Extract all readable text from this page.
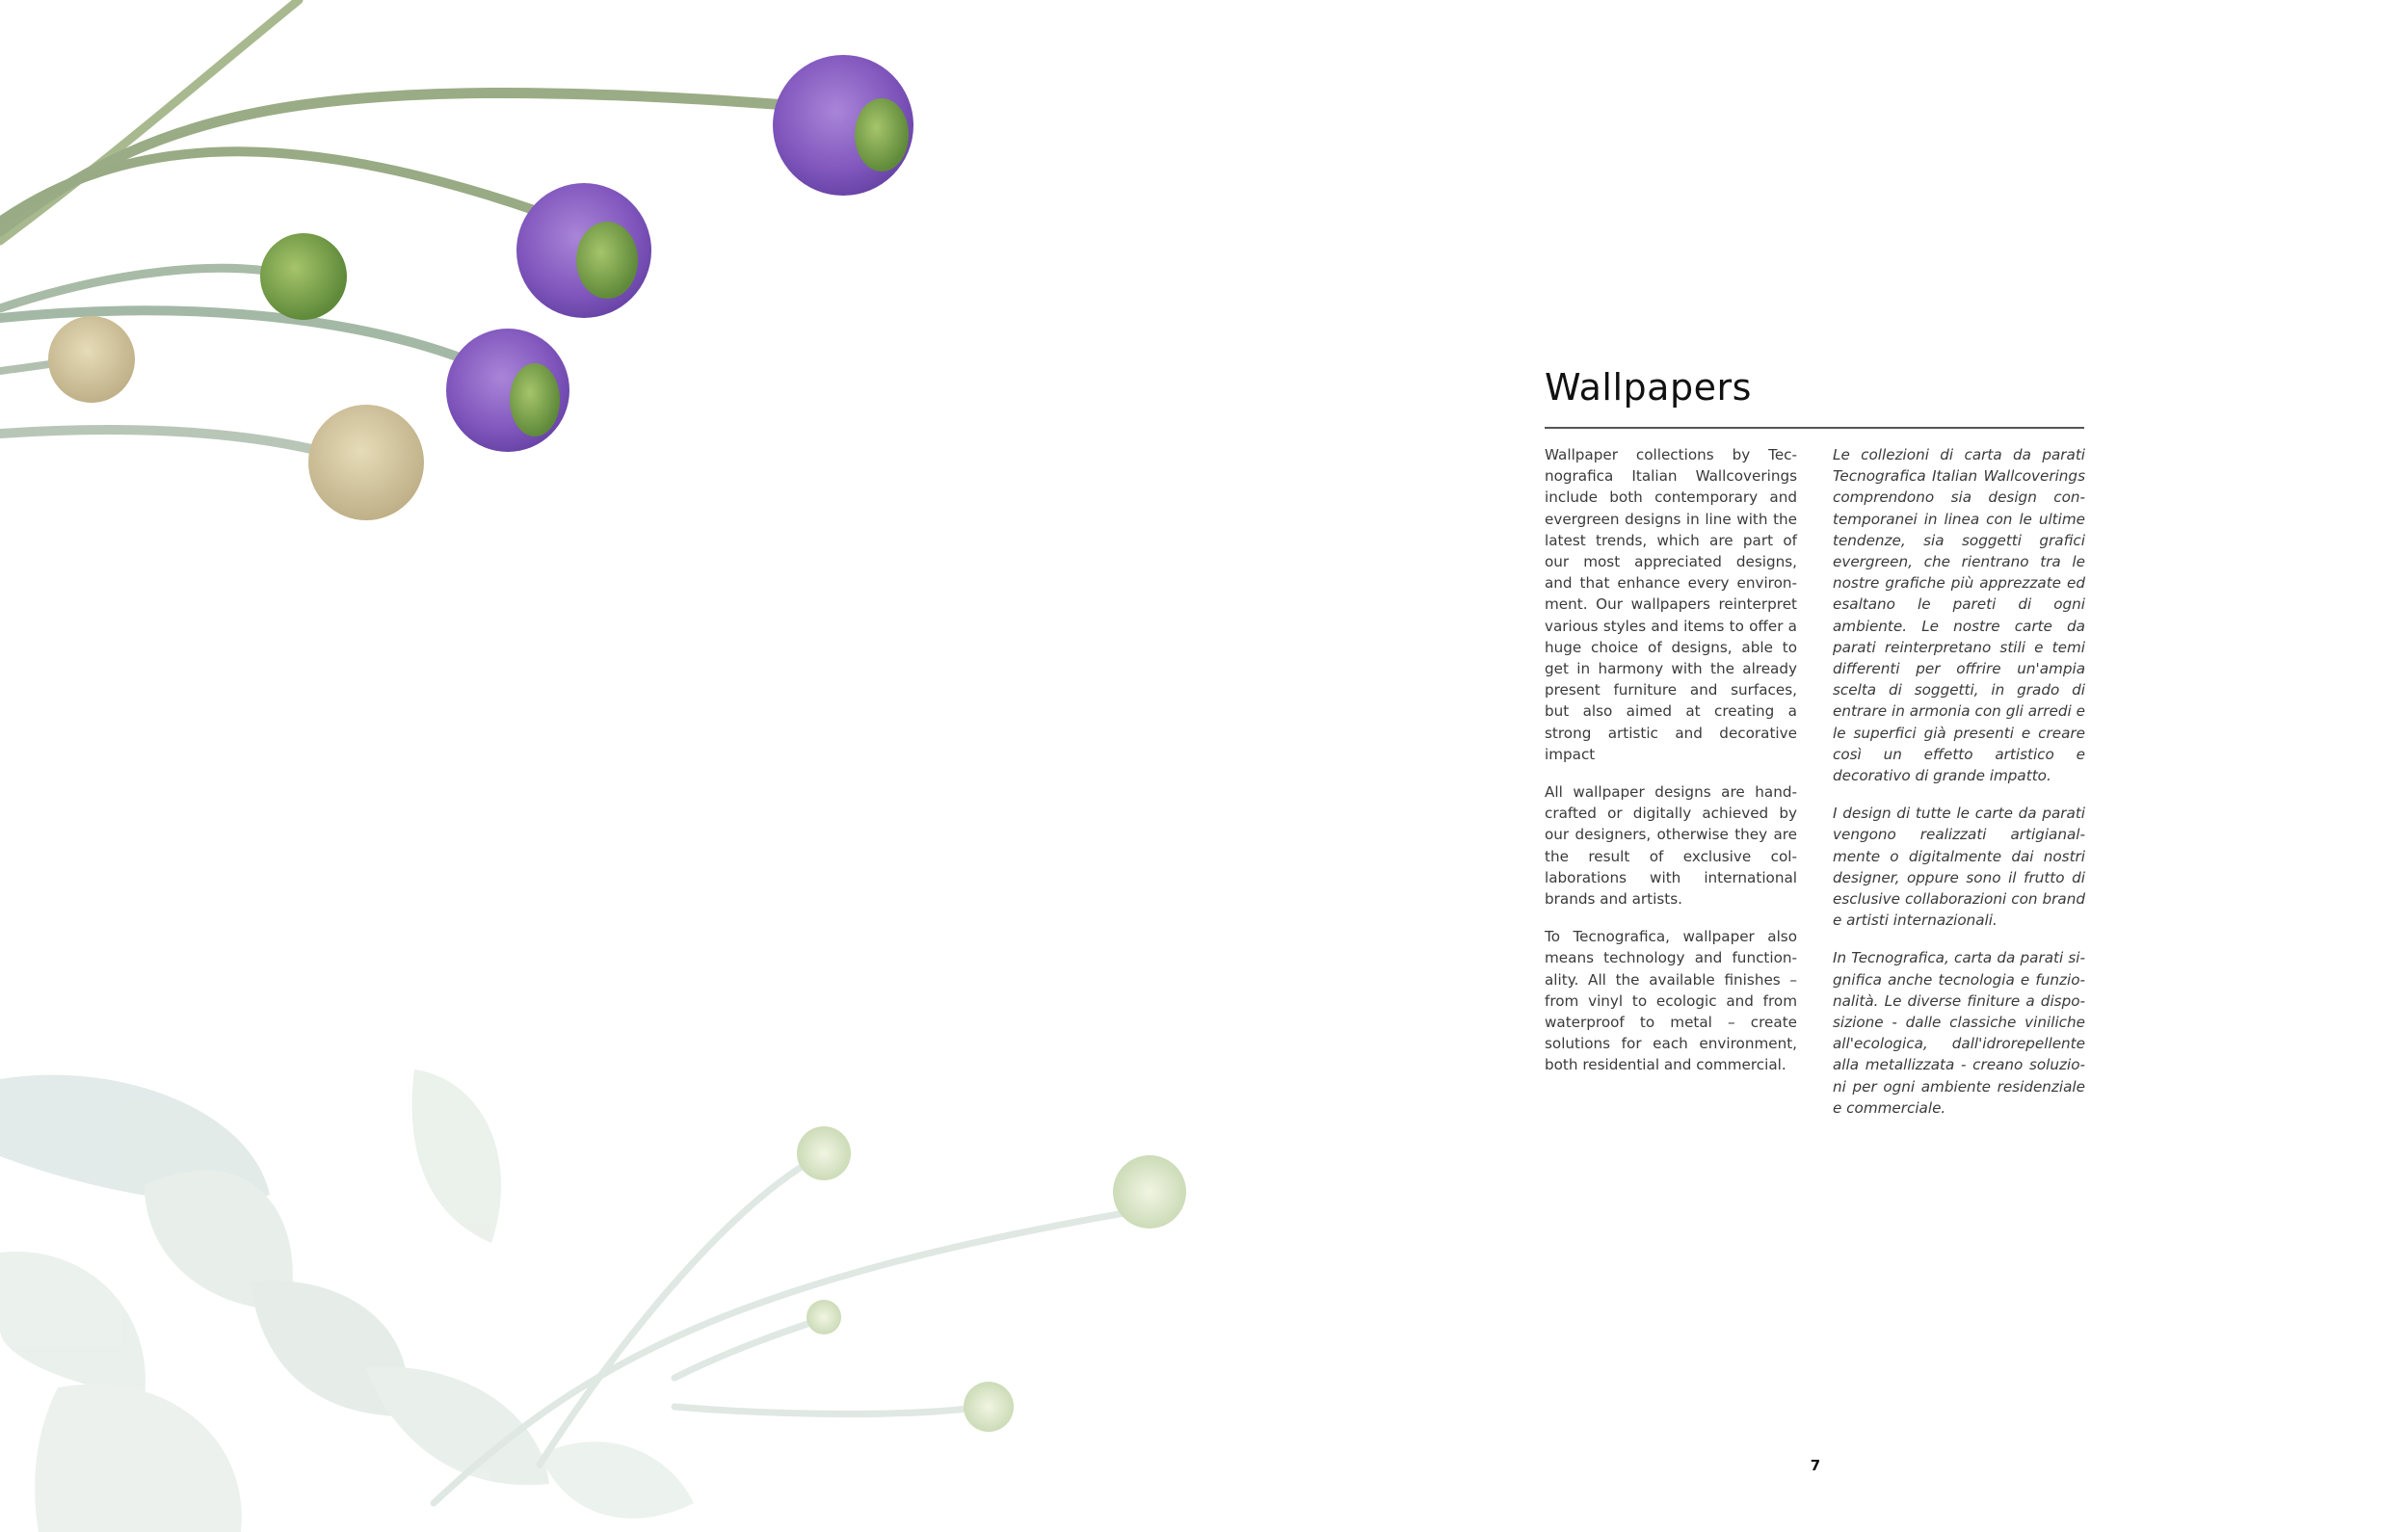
Wallpapers

Wallpaper collections by Tecnografica Italian Wallcoverings include both contemporary and evergreen designs in line with the latest trends, which are part of our most appreciated designs, and that enhance every environment. Our wallpapers reinterpret various styles and items to offer a huge choice of designs, able to get in harmony with the already present furniture and surfaces, but also aimed at creating a strong artistic and decorative impact

All wallpaper designs are handcrafted or digitally achieved by our designers, otherwise they are the result of exclusive collaborations with international brands and artists.

To Tecnografica, wallpaper also means technology and functionality. All the available finishes – from vinyl to ecologic and from waterproof to metal – create solutions for each environment, both residential and commercial.

Le collezioni di carta da parati Tecnografica Italian Wallcoverings comprendono sia design contemporanei in linea con le ultime tendenze, sia soggetti grafici evergreen, che rientrano tra le nostre grafiche più apprezzate ed esaltano le pareti di ogni ambiente. Le nostre carte da parati reinterpretano stili e temi differenti per offrire un'ampia scelta di soggetti, in grado di entrare in armonia con gli arredi e le superfici già presenti e creare così un effetto artistico e decorativo di grande impatto.

I design di tutte le carte da parati vengono realizzati artigianalmente o digitalmente dai nostri designer, oppure sono il frutto di esclusive collaborazioni con brand e artisti internazionali.

In Tecnografica, carta da parati significa anche tecnologia e funzionalità. Le diverse finiture a disposizione - dalle classiche viniliche all'ecologica, dall'idrorepellente alla metallizzata - creano soluzioni per ogni ambiente residenziale e commerciale.

7
